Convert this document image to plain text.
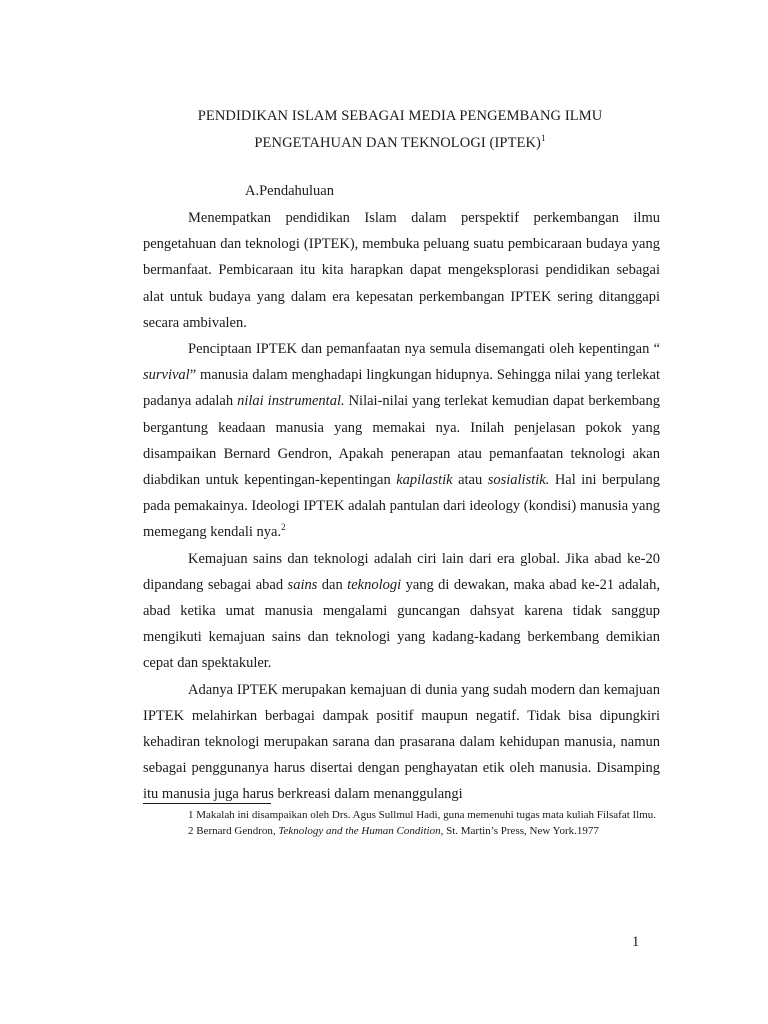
PENDIDIKAN ISLAM SEBAGAI MEDIA PENGEMBANG ILMU
PENGETAHUAN DAN TEKNOLOGI (IPTEK)$^1$
A.Pendahuluan

Menempatkan pendidikan Islam dalam perspektif perkembangan ilmu pengetahuan dan teknologi (IPTEK), membuka peluang suatu pembicaraan budaya yang bermanfaat. Pembicaraan itu kita harapkan dapat mengeksplorasi pendidikan sebagai alat untuk budaya yang dalam era kepesatan perkembangan IPTEK sering ditanggapi secara ambivalen.

Penciptaan IPTEK dan pemanfaatan nya semula disemangati oleh kepentingan “ survival” manusia dalam menghadapi lingkungan hidupnya. Sehingga nilai yang terlekat padanya adalah nilai instrumental. Nilai-nilai yang terlekat kemudian dapat berkembang bergantung keadaan manusia yang memakai nya. Inilah penjelasan pokok yang disampaikan Bernard Gendron, Apakah penerapan atau pemanfaatan teknologi akan diabdikan untuk kepentingan-kepentingan kapilastik atau sosialistik. Hal ini berpulang pada pemakainya. Ideologi IPTEK adalah pantulan dari ideology (kondisi) manusia yang memegang kendali nya.$^2$

Kemajuan sains dan teknologi adalah ciri lain dari era global. Jika abad ke-20 dipandang sebagai abad sains dan teknologi yang di dewakan, maka abad ke-21 adalah, abad ketika umat manusia mengalami guncangan dahsyat karena tidak sanggup mengikuti kemajuan sains dan teknologi yang kadang-kadang berkembang demikian cepat dan spektakuler.

Adanya IPTEK merupakan kemajuan di dunia yang sudah modern dan kemajuan IPTEK melahirkan berbagai dampak positif maupun negatif. Tidak bisa dipungkiri kehadiran teknologi merupakan sarana dan prasarana dalam kehidupan manusia, namun sebagai penggunanya harus disertai dengan penghayatan etik oleh manusia. Disamping itu manusia juga harus berkreasi dalam menanggulangi

1 Makalah ini disampaikan oleh Drs. Agus Sullmul Hadi, guna memenuhi tugas mata kuliah Filsafat Ilmu.

2 Bernard Gendron, Teknology and the Human Condition, St. Martin’s Press, New York.1977

1
